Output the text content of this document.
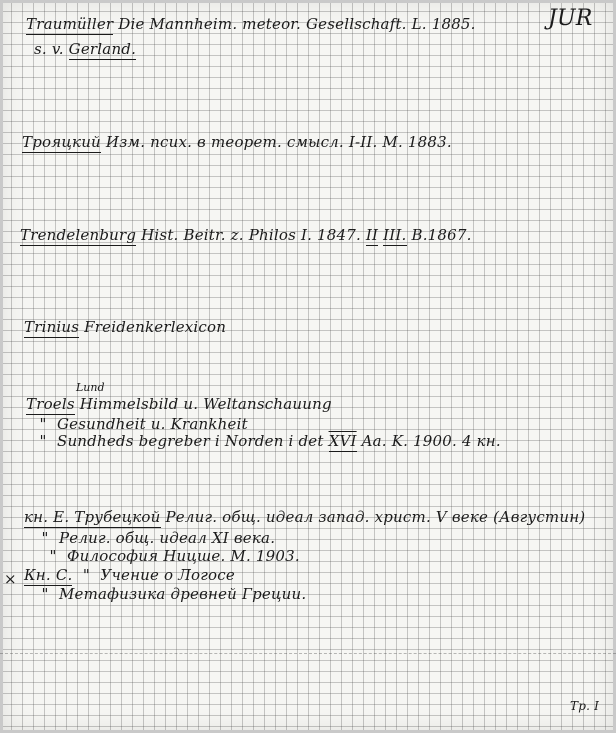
JUR
Traumüller Die Mannheim. meteor. Gesellschaft. L. 1885.
s. v. Gerland.
Трояцкий Изм. псих. в теорет. смысл. I-II. М. 1883.
Trendelenburg Hist. Beitr. z. Philos I. 1847. II III. B.1867.
Trinius Freidenkerlexicon
Lund
Troels Himmelsbild u. Weltanschauung
" Gesundheit u. Krankheit
" Sundheds begreber i Norden i $\det \overline{XVI}$ Aa. K. 1900. 4 кн.
кн. Е. Трубецкой Религ. общ. идеал запад. христ. V веке (Августин)
" Религ. общ. идеал XI века.
" Философия Ницше. М. 1903.
× Кн. С. " Учение о Логосе
" Метафизика древней Греции.
Тр. I
